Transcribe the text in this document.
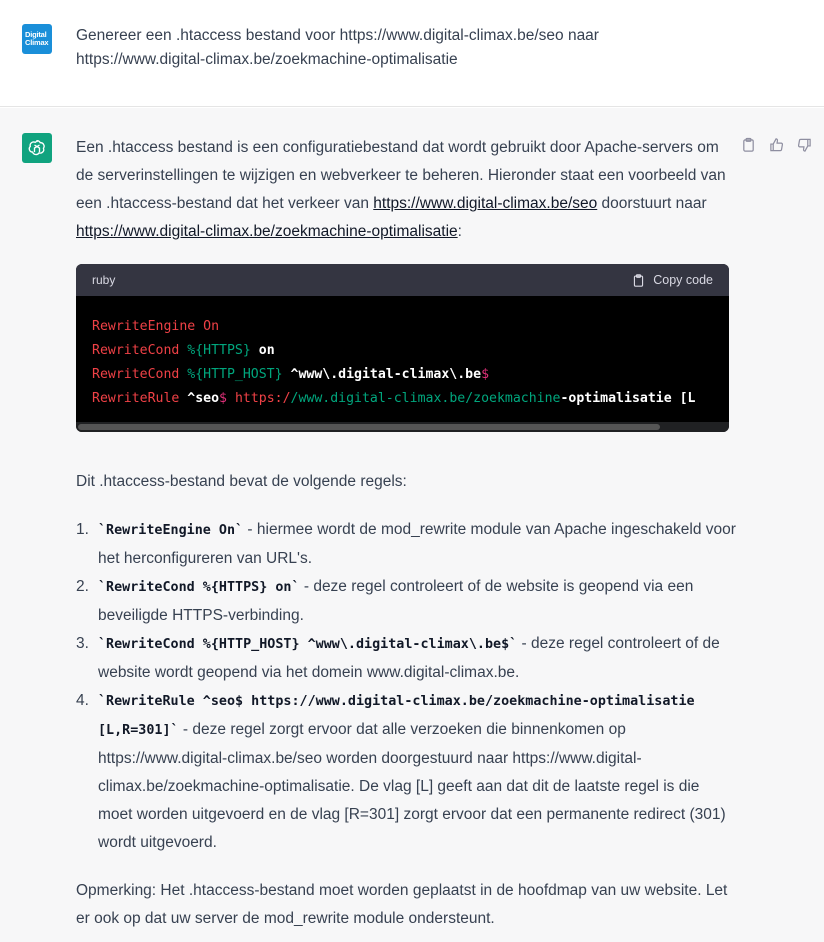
Digital
Climax Genereer een .htaccess bestand voor https://www.digital-climax.be/seo naar https://www.digital-climax.be/zoekmachine-optimalisatie

Een .htaccess bestand is een configuratiebestand dat wordt gebruikt door Apache-servers om de serverinstellingen te wijzigen en webverkeer te beheren. Hieronder staat een voorbeeld van een .htaccess-bestand dat het verkeer van https://www.digital-climax.be/seo doorstuurt naar https://www.digital-climax.be/zoekmachine-optimalisatie:

ruby	Copy code
RewriteEngine On
RewriteCond %{HTTPS} on
RewriteCond %{HTTP_HOST} ^www\.digital-climax\.be$
RewriteRule ^seo$ https://www.digital-climax.be/zoekmachine-optimalisatie [L

Dit .htaccess-bestand bevat de volgende regels:

1. `RewriteEngine On` - hiermee wordt de mod_rewrite module van Apache ingeschakeld voor het herconfigureren van URL's.
2. `RewriteCond %{HTTPS} on` - deze regel controleert of de website is geopend via een beveiligde HTTPS-verbinding.
3. `RewriteCond %{HTTP_HOST} ^www\.digital-climax\.be$` - deze regel controleert of de website wordt geopend via het domein www.digital-climax.be.
4. `RewriteRule ^seo$ https://www.digital-climax.be/zoekmachine-optimalisatie [L,R=301]` - deze regel zorgt ervoor dat alle verzoeken die binnenkomen op https://www.digital-climax.be/seo worden doorgestuurd naar https://www.digital-climax.be/zoekmachine-optimalisatie. De vlag [L] geeft aan dat dit de laatste regel is die moet worden uitgevoerd en de vlag [R=301] zorgt ervoor dat een permanente redirect (301) wordt uitgevoerd.

Opmerking: Het .htaccess-bestand moet worden geplaatst in de hoofdmap van uw website. Let er ook op dat uw server de mod_rewrite module ondersteunt.
